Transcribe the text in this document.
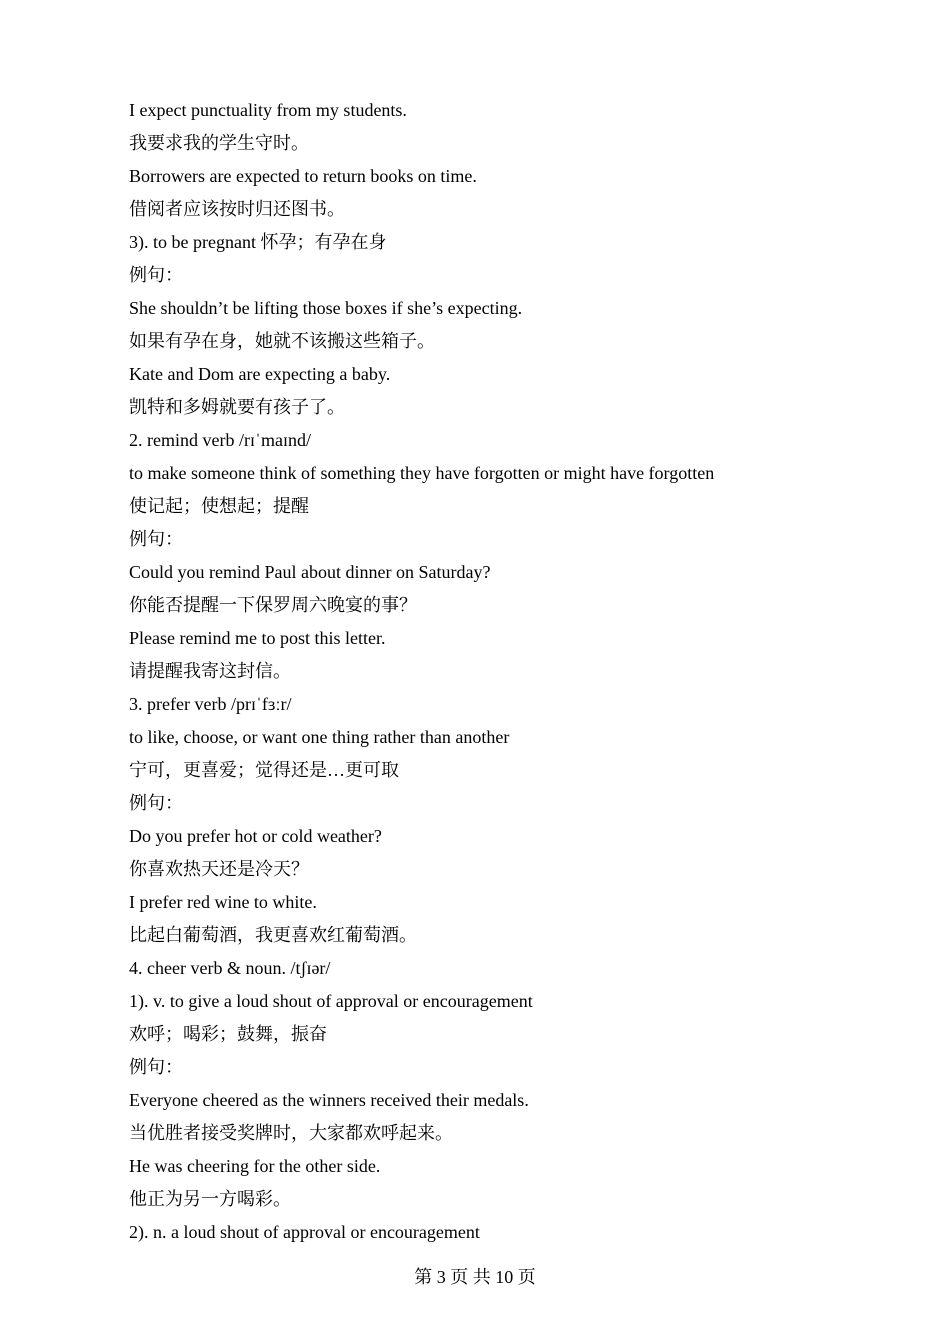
I expect punctuality from my students.
我要求我的学生守时。
Borrowers are expected to return books on time.
借阅者应该按时归还图书。
3). to be pregnant 怀孕；有孕在身
例句：
She shouldn’t be lifting those boxes if she’s expecting.
如果有孕在身，她就不该搬这些箱子。
Kate and Dom are expecting a baby.
凯特和多姆就要有孩子了。
2. remind verb /rɪˈmaɪnd/
to make someone think of something they have forgotten or might have forgotten
使记起；使想起；提醒
例句：
Could you remind Paul about dinner on Saturday?
你能否提醒一下保罗周六晚宴的事？
Please remind me to post this letter.
请提醒我寄这封信。
3. prefer verb /prɪˈfɜːr/
to like, choose, or want one thing rather than another
宁可，更喜爱；觉得还是…更可取
例句：
Do you prefer hot or cold weather?
你喜欢热天还是冷天？
I prefer red wine to white.
比起白葡萄酒，我更喜欢红葡萄酒。
4. cheer verb & noun. /tʃɪər/
1). v. to give a loud shout of approval or encouragement
欢呼；喝彩；鼓舞，振奋
例句：
Everyone cheered as the winners received their medals.
当优胜者接受奖牌时，大家都欢呼起来。
He was cheering for the other side.
他正为另一方喝彩。
2). n. a loud shout of approval or encouragement
第 3 页 共 10 页
